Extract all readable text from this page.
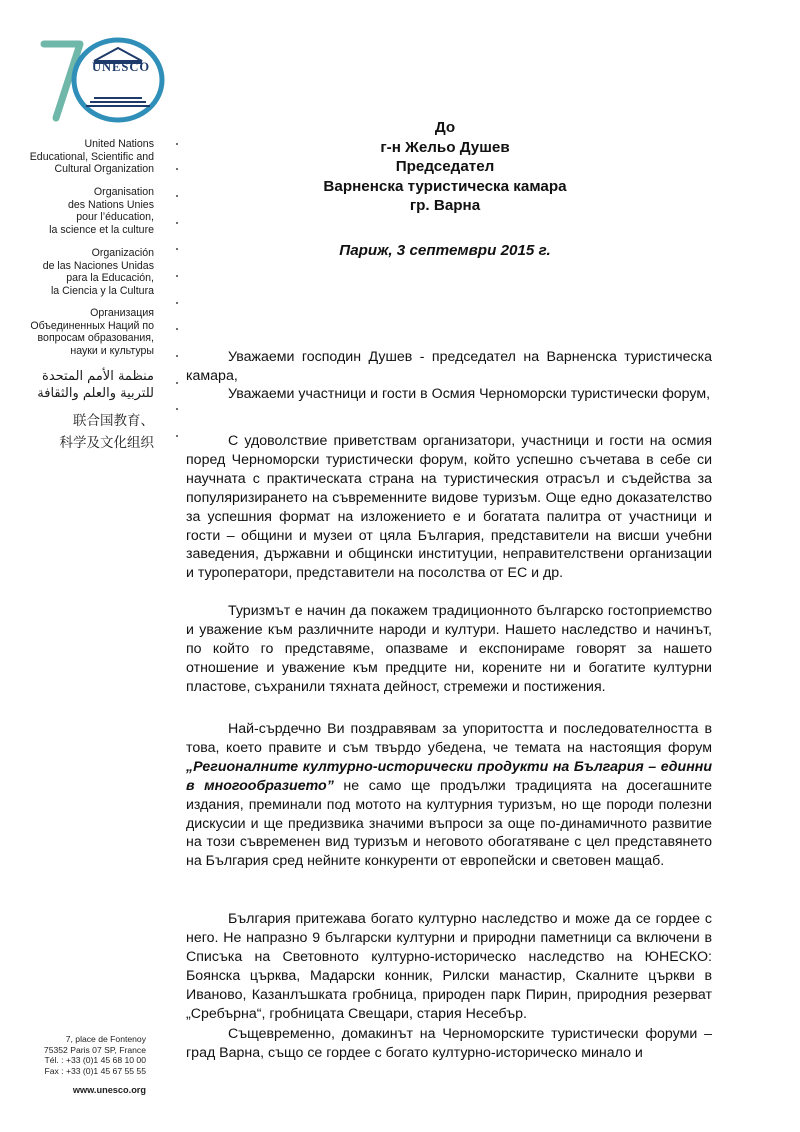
UNESCO
United Nations
Educational, Scientific and
Cultural Organization
Organisation
des Nations Unies
pour l’éducation,
la science et la culture
Organización
de las Naciones Unidas
para la Educación,
la Ciencia y la Cultura
Организация
Объединенных Наций по
вопросам образования,
науки и культуры
منظمة الأمم المتحدة
للتربية والعلم والثقافة
联合国教育、
科学及文化组织
7, place de Fontenoy
75352 Paris 07 SP, France
Tél. : +33 (0)1 45 68 10 00
Fax : +33 (0)1 45 67 55 55
www.unesco.org
До
г-н Жельо Душев
Председател
Варненска туристическа камара
гр. Варна
Париж, 3 септември 2015 г.

Уважаеми господин Душев - председател на Варненска туристическа камара,

Уважаеми участници и гости в Осмия Черноморски туристически форум,

С удоволствие приветствам организатори, участници и гости на осмия поред Черноморски туристически форум, който успешно съчетава в себе си научната с практическата страна на туристическия отрасъл и съдейства за популяризирането на съвременните видове туризъм. Още едно доказателство за успешния формат на изложението е и богатата палитра от участници и гости – общини и музеи от цяла България, представители на висши учебни заведения, държавни и общински институции, неправителствени организации и туроператори, представители на посолства от ЕС и др.

Туризмът е начин да покажем традиционното българско гостоприемство и уважение към различните народи и култури. Нашето наследство и начинът, по който го представяме, опазваме и експонираме говорят за нашето отношение и уважение към предците ни, корените ни и богатите културни пластове, съхранили тяхната дейност, стремежи и постижения.

Най-сърдечно Ви поздравявам за упоритостта и последователността в това, което правите и съм твърдо убедена, че темата на настоящия форум „Регионалните културно-исторически продукти на България – единни в многообразието” не само ще продължи традицията на досегашните издания, преминали под мотото на културния туризъм, но ще породи полезни дискусии и ще предизвика значими въпроси за още по-динамичното развитие на този съвременен вид туризъм и неговото обогатяване с цел представянето на България сред нейните конкуренти от европейски и световен мащаб.

България притежава богато културно наследство и може да се гордее с него. Не напразно 9 български културни и природни паметници са включени в Списъка на Световното културно-историческо наследство на ЮНЕСКО: Боянска църква, Мадарски конник, Рилски манастир, Скалните църкви в Иваново, Казанлъшката гробница, природен парк Пирин, природния резерват „Сребърна“, гробницата Свещари, стария Несебър.

Същевременно, домакинът на Черноморските туристически форуми – град Варна, също се гордее с богато културно-историческо минало и
